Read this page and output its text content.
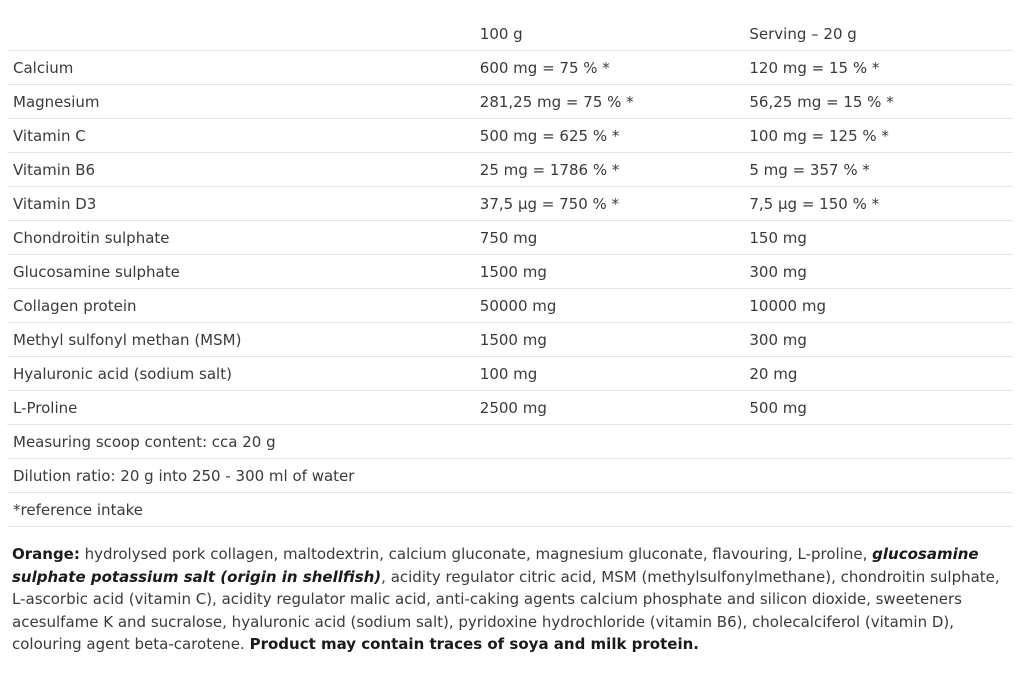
	100 g	Serving – 20 g
Calcium	600 mg = 75 % *	120 mg = 15 % *
Magnesium	281,25 mg = 75 % *	56,25 mg = 15 % *
Vitamin C	500 mg = 625 % *	100 mg = 125 % *
Vitamin B6	25 mg = 1786 % *	5 mg = 357 % *
Vitamin D3	37,5 μg = 750 % *	7,5 μg = 150 % *
Chondroitin sulphate	750 mg	150 mg
Glucosamine sulphate	1500 mg	300 mg
Collagen protein	50000 mg	10000 mg
Methyl sulfonyl methan (MSM)	1500 mg	300 mg
Hyaluronic acid (sodium salt)	100 mg	20 mg
L-Proline	2500 mg	500 mg
Measuring scoop content: cca 20 g		
Dilution ratio: 20 g into 250 - 300 ml of water		
*reference intake		
Orange: hydrolysed pork collagen, maltodextrin, calcium gluconate, magnesium gluconate, flavouring, L-proline, glucosamine sulphate potassium salt (origin in shellfish), acidity regulator citric acid, MSM (methylsulfonylmethane), chondroitin sulphate, L-ascorbic acid (vitamin C), acidity regulator malic acid, anti-caking agents calcium phosphate and silicon dioxide, sweeteners acesulfame K and sucralose, hyaluronic acid (sodium salt), pyridoxine hydrochloride (vitamin B6), cholecalciferol (vitamin D), colouring agent beta-carotene. Product may contain traces of soya and milk protein.
